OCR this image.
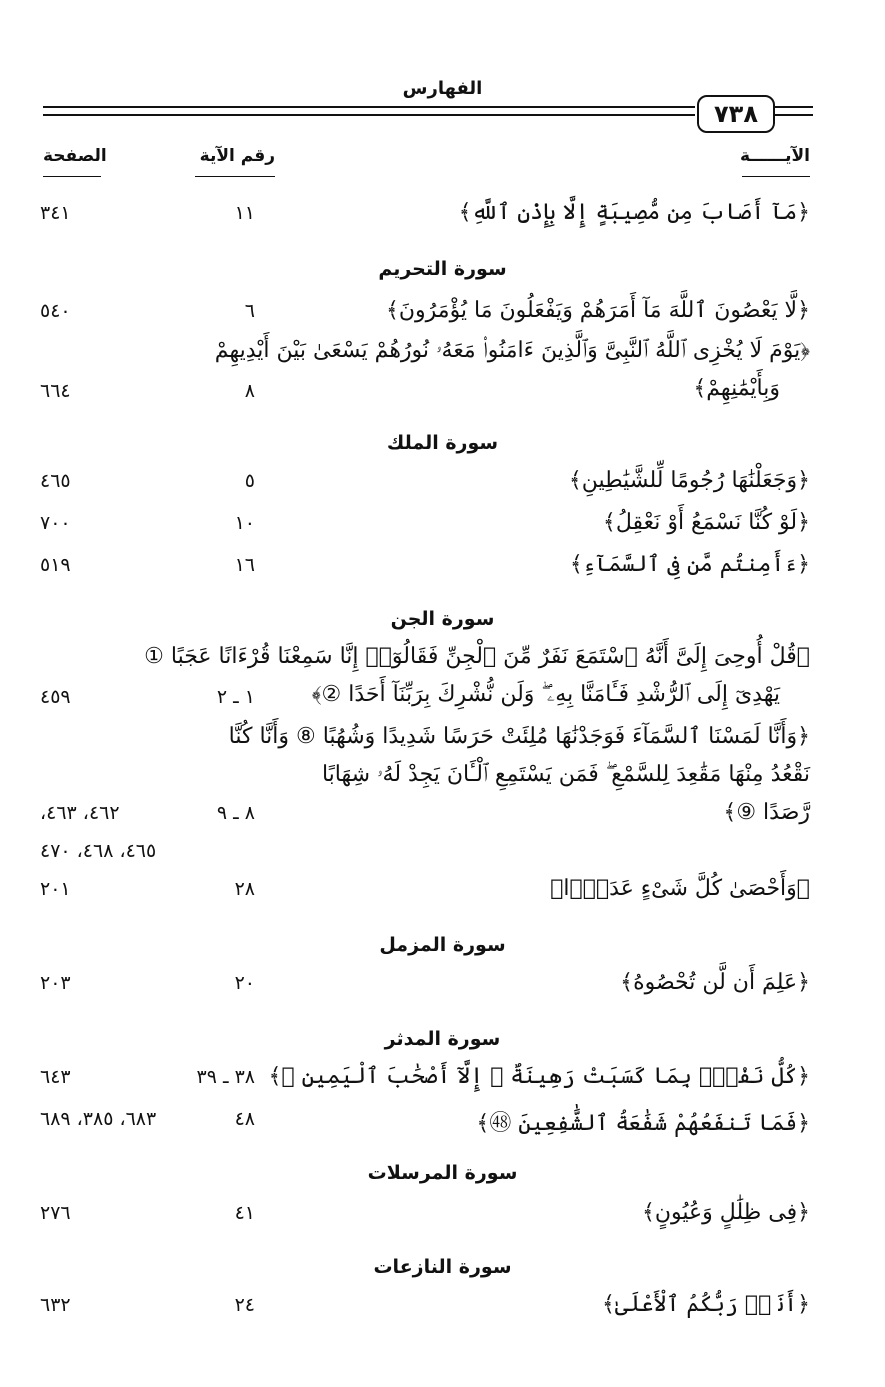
الفهارس
٧٣٨
الآيــــــة
رقم الآية
الصفحة
﴿مَآ أَصَابَ مِن مُّصِيبَةٍ إِلَّا بِإِذْنِ ٱللَّهِ﴾
١١
٣٤١
سورة التحريم
﴿لَّا يَعْصُونَ ٱللَّهَ مَآ أَمَرَهُمْ وَيَفْعَلُونَ مَا يُؤْمَرُونَ﴾
٦
٥٤٠
﴿يَوْمَ لَا يُخْزِى ٱللَّهُ ٱلنَّبِىَّ وَٱلَّذِينَ ءَامَنُوا۟ مَعَهُۥ نُورُهُمْ يَسْعَىٰ بَيْنَ أَيْدِيهِمْ
وَبِأَيْمَٰنِهِمْ﴾
٨
٦٦٤
سورة الملك
﴿وَجَعَلْنَٰهَا رُجُومًا لِّلشَّيَٰطِينِ﴾
٥
٤٦٥
﴿لَوْ كُنَّا نَسْمَعُ أَوْ نَعْقِلُ﴾
١٠
٧٠٠
﴿ءَأَمِنتُم مَّن فِى ٱلسَّمَآءِ﴾
١٦
٥١٩
سورة الجن
﴿قُلْ أُوحِىَ إِلَىَّ أَنَّهُ ٱسْتَمَعَ نَفَرٌ مِّنَ ٱلْجِنِّ فَقَالُوٓا۟ إِنَّا سَمِعْنَا قُرْءَانًا عَجَبًا ①
يَهْدِىٓ إِلَى ٱلرُّشْدِ فَـَٔامَنَّا بِهِۦ ۖ وَلَن نُّشْرِكَ بِرَبِّنَآ أَحَدًا ②﴾
١ ـ ٢
٤٥٩
﴿وَأَنَّا لَمَسْنَا ٱلسَّمَآءَ فَوَجَدْنَٰهَا مُلِئَتْ حَرَسًا شَدِيدًا وَشُهُبًا ⑧ وَأَنَّا كُنَّا
نَقْعُدُ مِنْهَا مَقَٰعِدَ لِلسَّمْعِ ۖ فَمَن يَسْتَمِعِ ٱلْـَٔانَ يَجِدْ لَهُۥ شِهَابًا
رَّصَدًا ⑨﴾
٨ ـ ٩
٤٦٢، ٤٦٣،
٤٦٥، ٤٦٨، ٤٧٠
﴿وَأَحْصَىٰ كُلَّ شَىْءٍ عَدَدًۢا﴾
٢٨
٢٠١
سورة المزمل
﴿عَلِمَ أَن لَّن تُحْصُوهُ﴾
٢٠
٢٠٣
سورة المدثر
﴿كُلُّ نَفْسٍۭ بِمَا كَسَبَتْ رَهِينَةٌ ㊳ إِلَّآ أَصْحَٰبَ ٱلْيَمِينِ ㊴﴾
٣٨ ـ ٣٩
٦٤٣
﴿فَمَا تَنفَعُهُمْ شَفَٰعَةُ ٱلشَّٰفِعِينَ ㊽﴾
٤٨
٦٨٣، ٣٨٥، ٦٨٩
سورة المرسلات
﴿فِى ظِلَٰلٍ وَعُيُونٍ﴾
٤١
٢٧٦
سورة النازعات
﴿أَنَا۠ رَبُّكُمُ ٱلْأَعْلَىٰ﴾
٢٤
٦٣٢
